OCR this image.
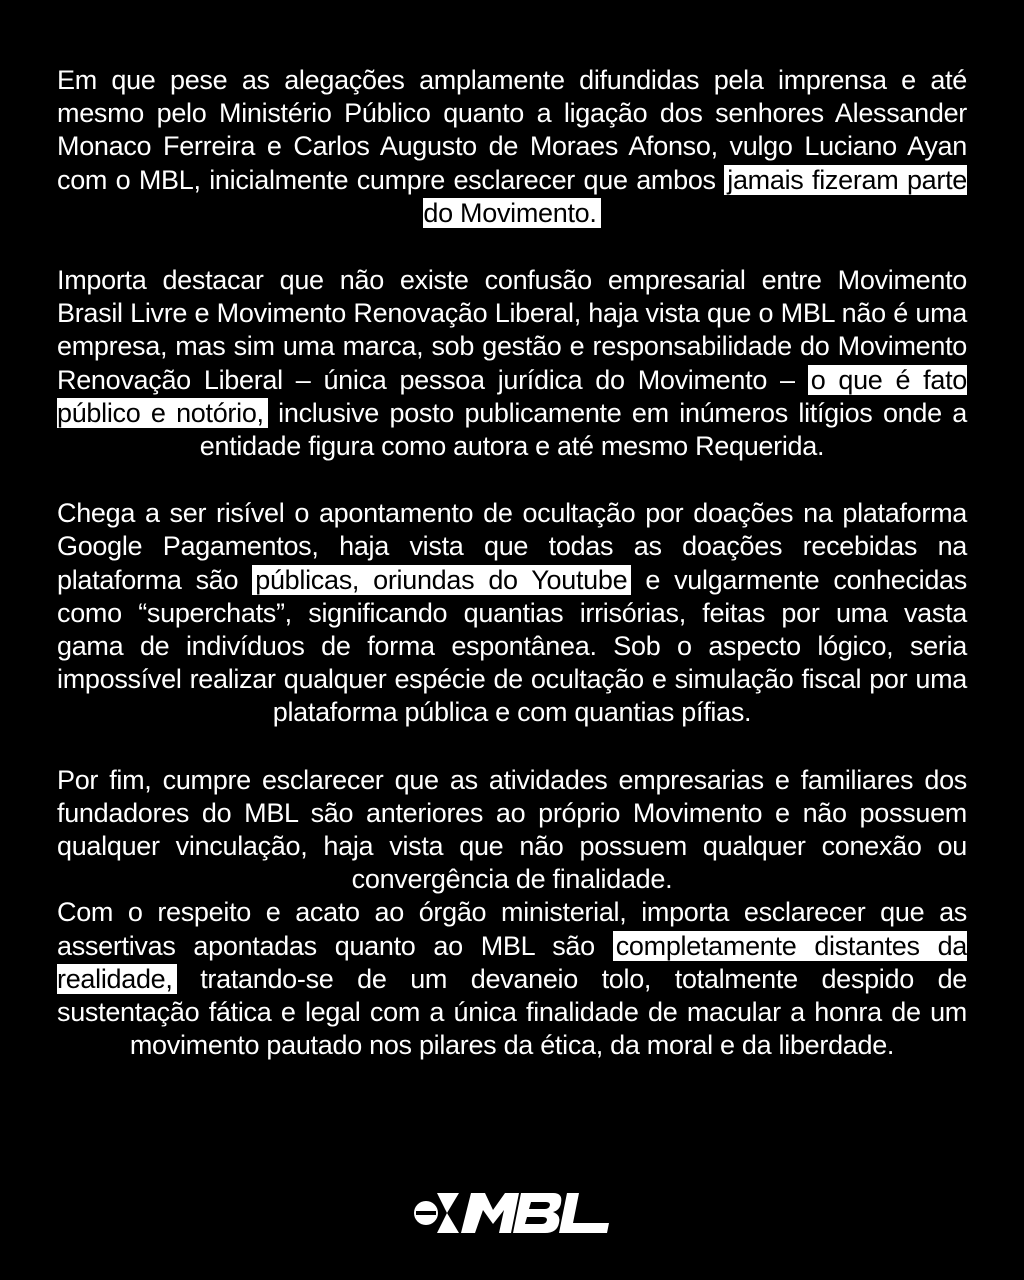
Em que pese as alegações amplamente difundidas pela imprensa e até mesmo pelo Ministério Público quanto a ligação dos senhores Alessander Monaco Ferreira e Carlos Augusto de Moraes Afonso, vulgo Luciano Ayan com o MBL, inicialmente cumpre esclarecer que ambos jamais fizeram parte do Movimento.

Importa destacar que não existe confusão empresarial entre Movimento Brasil Livre e Movimento Renovação Liberal, haja vista que o MBL não é uma empresa, mas sim uma marca, sob gestão e responsabilidade do Movimento Renovação Liberal – única pessoa jurídica do Movimento – o que é fato público e notório, inclusive posto publicamente em inúmeros litígios onde a entidade figura como autora e até mesmo Requerida.

Chega a ser risível o apontamento de ocultação por doações na plataforma Google Pagamentos, haja vista que todas as doações recebidas na plataforma são públicas, oriundas do Youtube e vulgarmente conhecidas como “superchats”, significando quantias irrisórias, feitas por uma vasta gama de indivíduos de forma espontânea. Sob o aspecto lógico, seria impossível realizar qualquer espécie de ocultação e simulação fiscal por uma plataforma pública e com quantias pífias.

Por fim, cumpre esclarecer que as atividades empresarias e familiares dos fundadores do MBL são anteriores ao próprio Movimento e não possuem qualquer vinculação, haja vista que não possuem qualquer conexão ou convergência de finalidade.

Com o respeito e acato ao órgão ministerial, importa esclarecer que as assertivas apontadas quanto ao MBL são completamente distantes da realidade, tratando-se de um devaneio tolo, totalmente despido de sustentação fática e legal com a única finalidade de macular a honra de um movimento pautado nos pilares da ética, da moral e da liberdade.
